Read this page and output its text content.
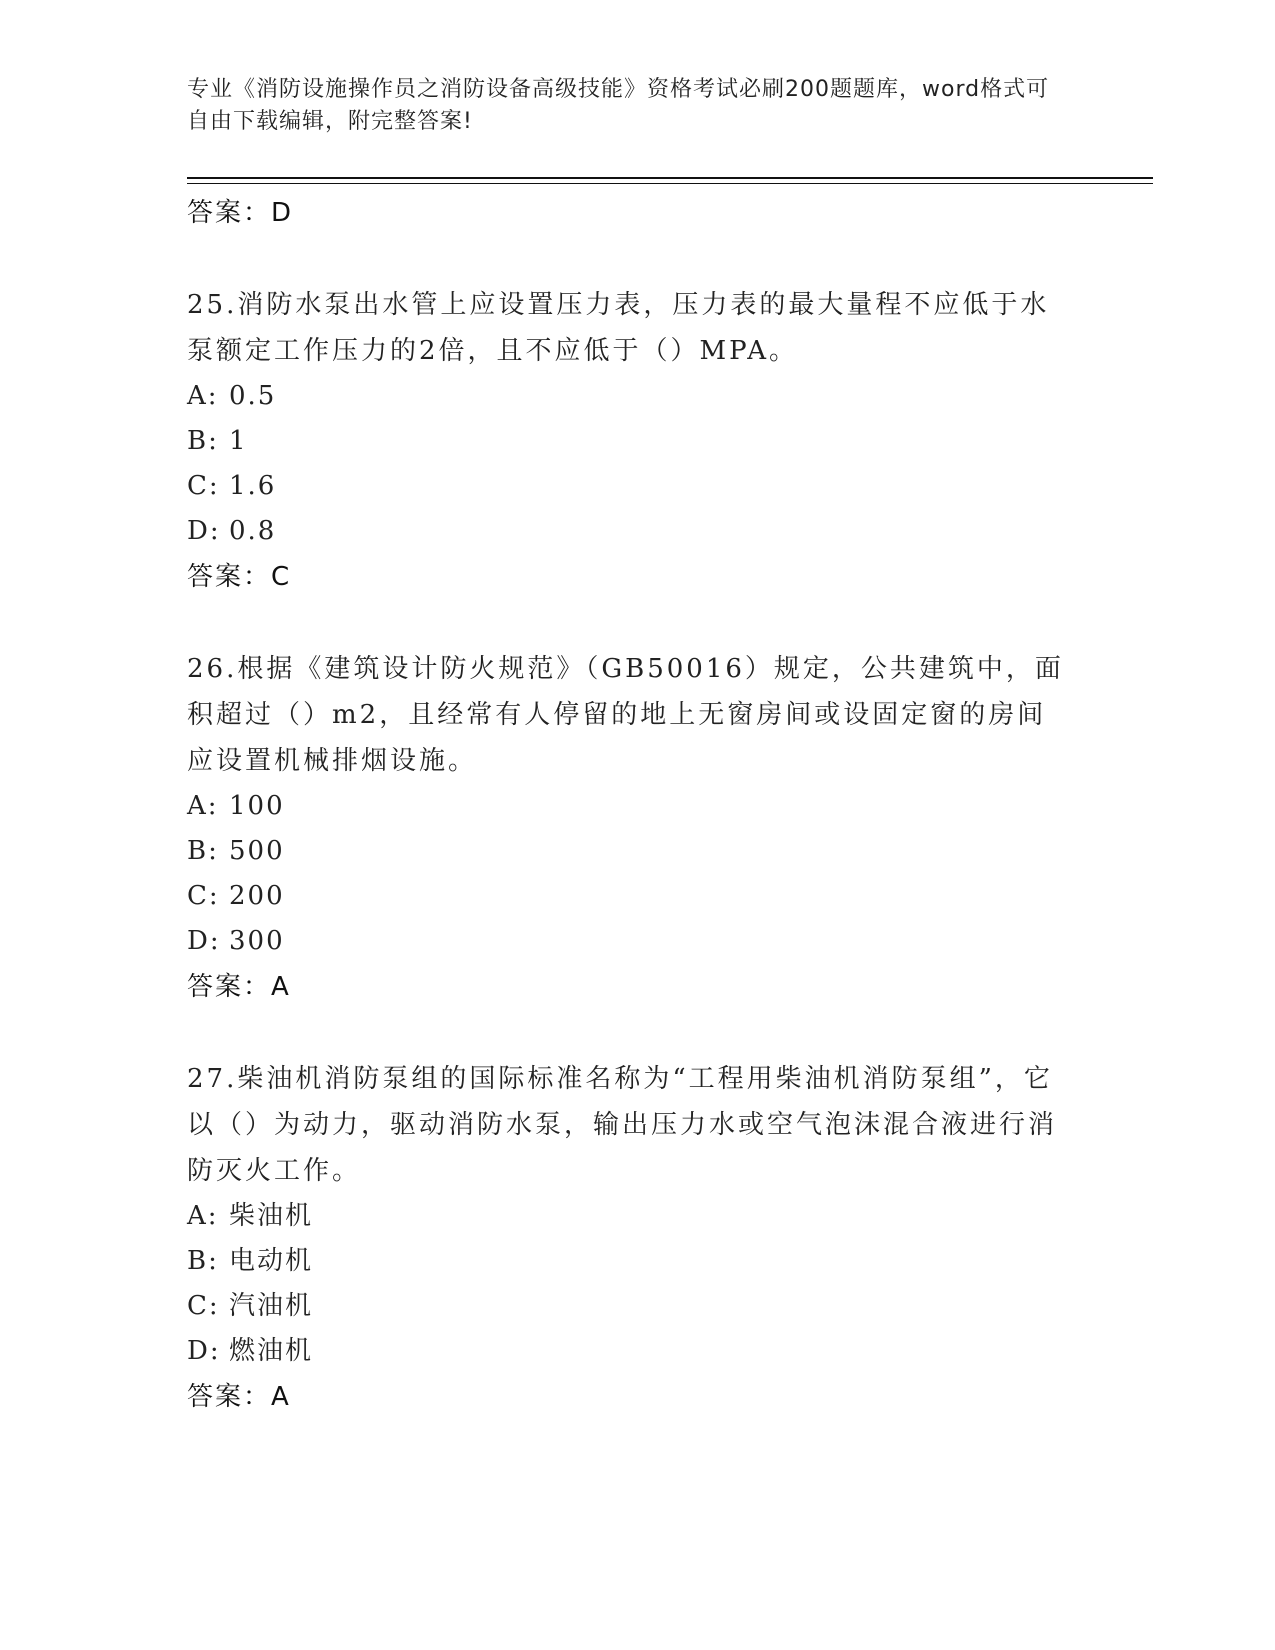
专业《消防设施操作员之消防设备高级技能》资格考试必刷200题题库，word格式可自由下载编辑，附完整答案!
答案：D
25.消防水泵出水管上应设置压力表，压力表的最大量程不应低于水泵额定工作压力的2倍，且不应低于（）MPA。
A: 0.5
B: 1
C: 1.6
D: 0.8
答案：C
26.根据《建筑设计防火规范》（GB50016）规定，公共建筑中，面积超过（）m2，且经常有人停留的地上无窗房间或设固定窗的房间应设置机械排烟设施。
A: 100
B: 500
C: 200
D: 300
答案：A
27.柴油机消防泵组的国际标准名称为“工程用柴油机消防泵组”，它以（）为动力，驱动消防水泵，输出压力水或空气泡沫混合液进行消防灭火工作。
A: 柴油机
B: 电动机
C: 汽油机
D: 燃油机
答案：A
